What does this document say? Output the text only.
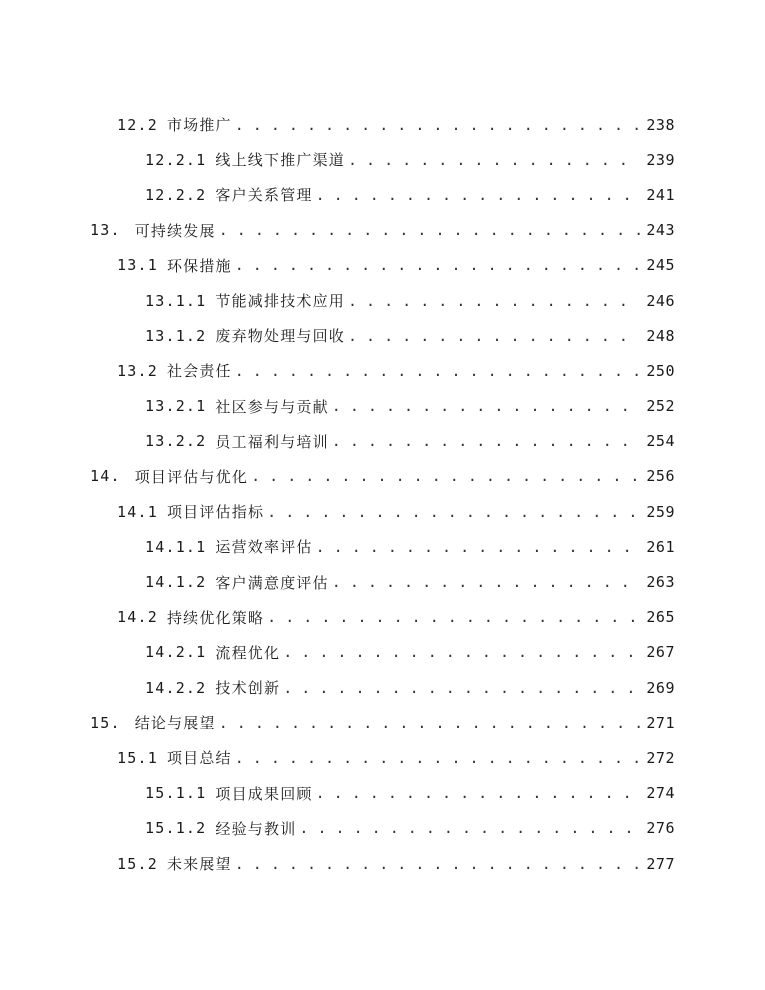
12.2 市场推广 . . .	238
12.2.1 线上线下推广渠道 . . .	239
12.2.2 客户关系管理 . . .	241
13. 可持续发展 . . .	243
13.1 环保措施 . . .	245
13.1.1 节能减排技术应用 . . .	246
13.1.2 废弃物处理与回收 . . .	248
13.2 社会责任 . . .	250
13.2.1 社区参与与贡献 . . .	252
13.2.2 员工福利与培训 . . .	254
14. 项目评估与优化 . . .	256
14.1 项目评估指标 . . .	259
14.1.1 运营效率评估 . . .	261
14.1.2 客户满意度评估 . . .	263
14.2 持续优化策略 . . .	265
14.2.1 流程优化 . . .	267
14.2.2 技术创新 . . .	269
15. 结论与展望 . . .	271
15.1 项目总结 . . .	272
15.1.1 项目成果回顾 . . .	274
15.1.2 经验与教训 . . .	276
15.2 未来展望 . . .	277
